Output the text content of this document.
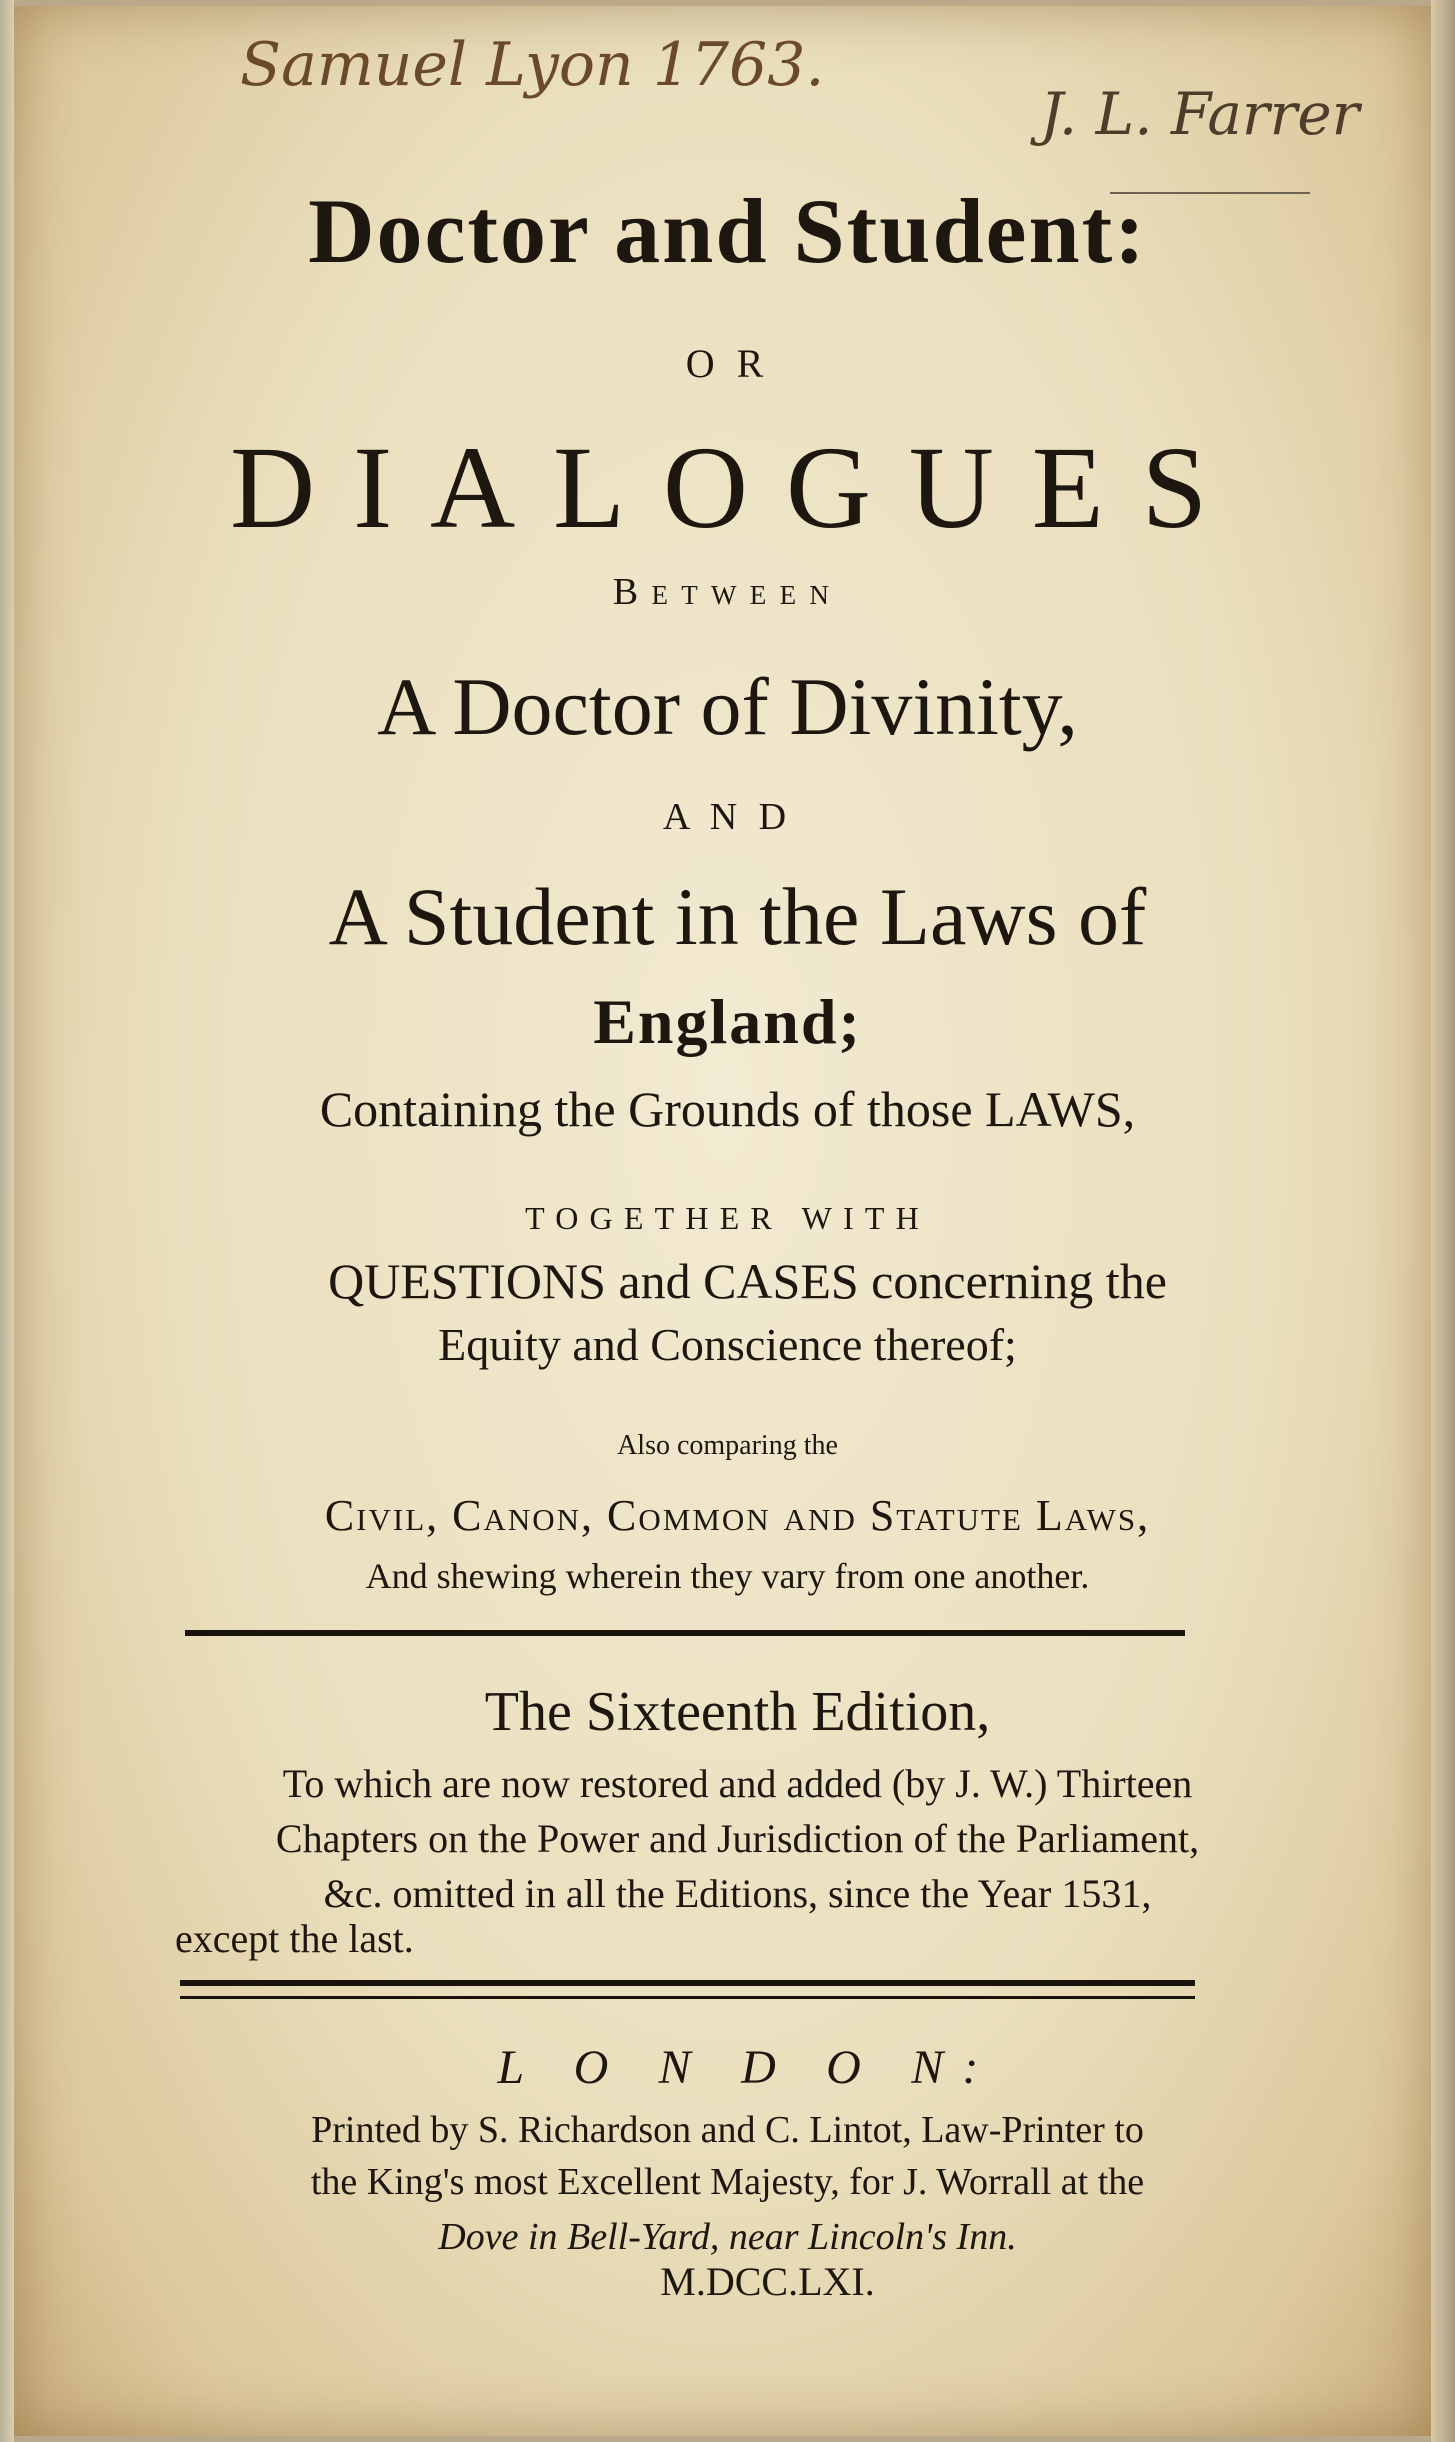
Samuel Lyon 1763.
J. L. Farrer
Doctor and Student:
O R
DIALOGUES
Between
A Doctor of Divinity,
A N D
A Student in the Laws of
England;
Containing the Grounds of those LAWS,
TOGETHER WITH
QUESTIONS and CASES concerning the
Equity and Conscience thereof;
Also comparing the
Civil, Canon, Common and Statute Laws,
And shewing wherein they vary from one another.
The Sixteenth Edition,
To which are now restored and added (by J. W.) Thirteen
Chapters on the Power and Jurisdiction of the Parliament,
&c. omitted in all the Editions, since the Year 1531,
except the last.
L O N D O N:
Printed by S. Richardson and C. Lintot, Law-Printer to
the King's most Excellent Majesty, for J. Worrall at the
Dove in Bell-Yard, near Lincoln's Inn.
M.DCC.LXI.
